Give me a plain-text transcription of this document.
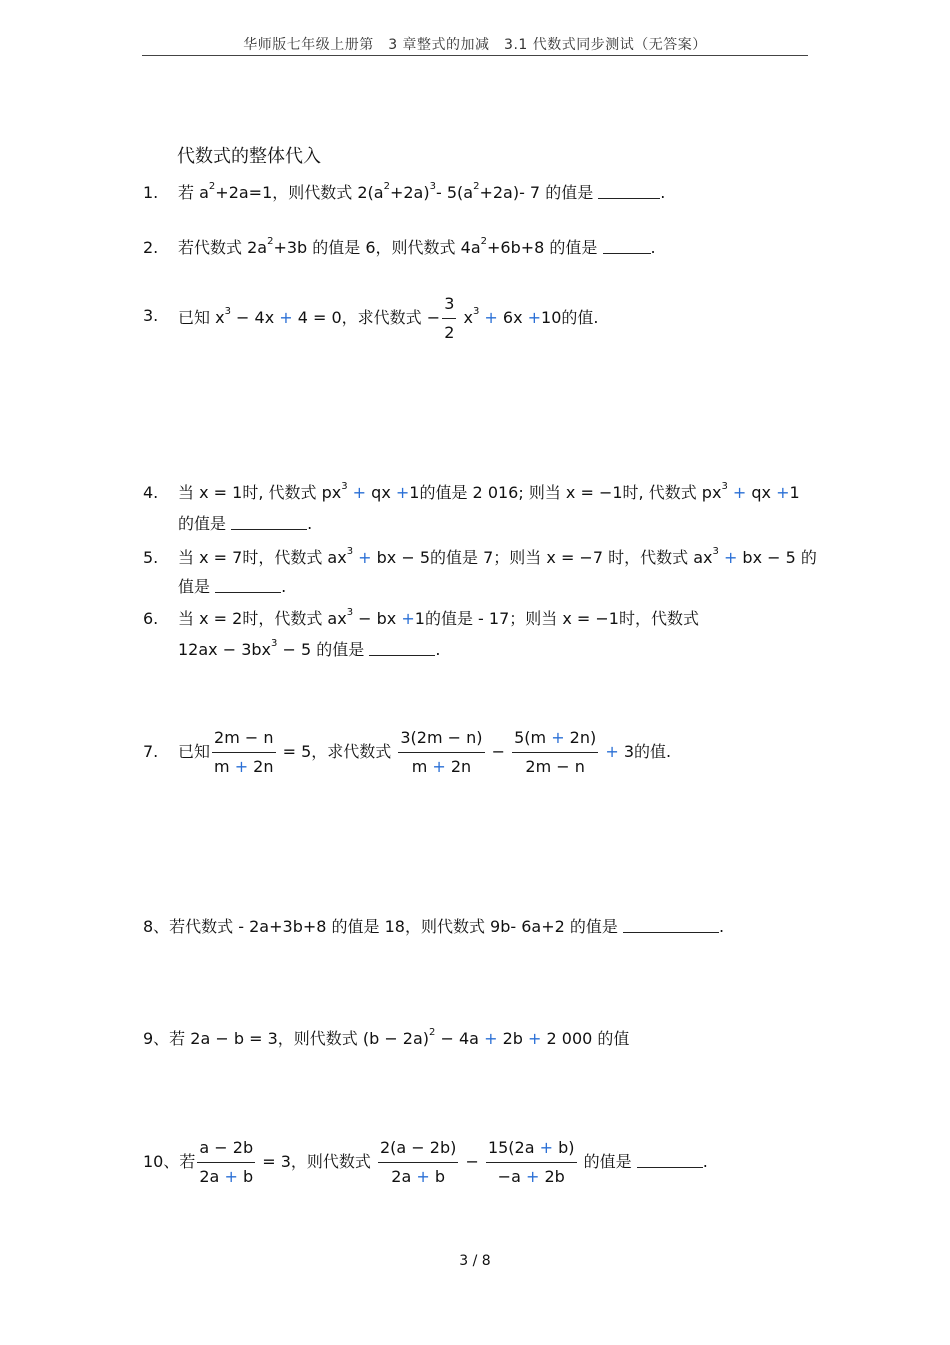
华师版七年级上册第　3 章整式的加减　3.1 代数式同步测试（无答案）
代数式的整体代入
1.	若 $a^2+2a=1$，则代数式 $2(a^2+2a)^3-$ $5(a^2+2a)-$ 7 的值是	.
2.	若代数式 $2a^2+3b$ 的值是 6，则代数式 $4a^2+6b+8$ 的值是	.
3.	已知 $x^3 - 4x + 4 = 0$，求代数式 − $\frac{3}{2} x^3 + 6x +10$的值.
4.	当 x = 1时, 代数式 $px^3$ + qx +1的值是 2 016; 则当 x = −1时, 代数式 $px^3$ + qx +1
的值是	.
5.	当 x = 7时，代数式 $ax^3$ + bx − 5的值是 7；则当 x = −7 时，代数式 $ax^3$ + bx − 5 的
值是	.
6.	当 x = 2时，代数式 $ax^3$ − bx +1的值是 - 17；则当 x = −1时，代数式
$12ax - 3bx^3 - 5$ 的值是	.
7.	已知 $\frac{2m - n}{m + 2n} = 5$，求代数式 $\frac{3(2m - n)}{m + 2n} - \frac{5(m + 2n)}{2m - n} + 3$的值.
8、若代数式 - 2a+3b+8 的值是 18，则代数式 9b- 6a+2 的值是	.
9、若 2a − b = 3，则代数式 $(b - 2a)^2 - 4a + 2b + 2$ 000 的值
10、若 $\frac{a - 2b}{2a + b} = 3$，则代数式 $\frac{2(a - 2b)}{2a + b} - \frac{15(2a + b)}{-a + 2b}$ 的值是	.
3 / 8
